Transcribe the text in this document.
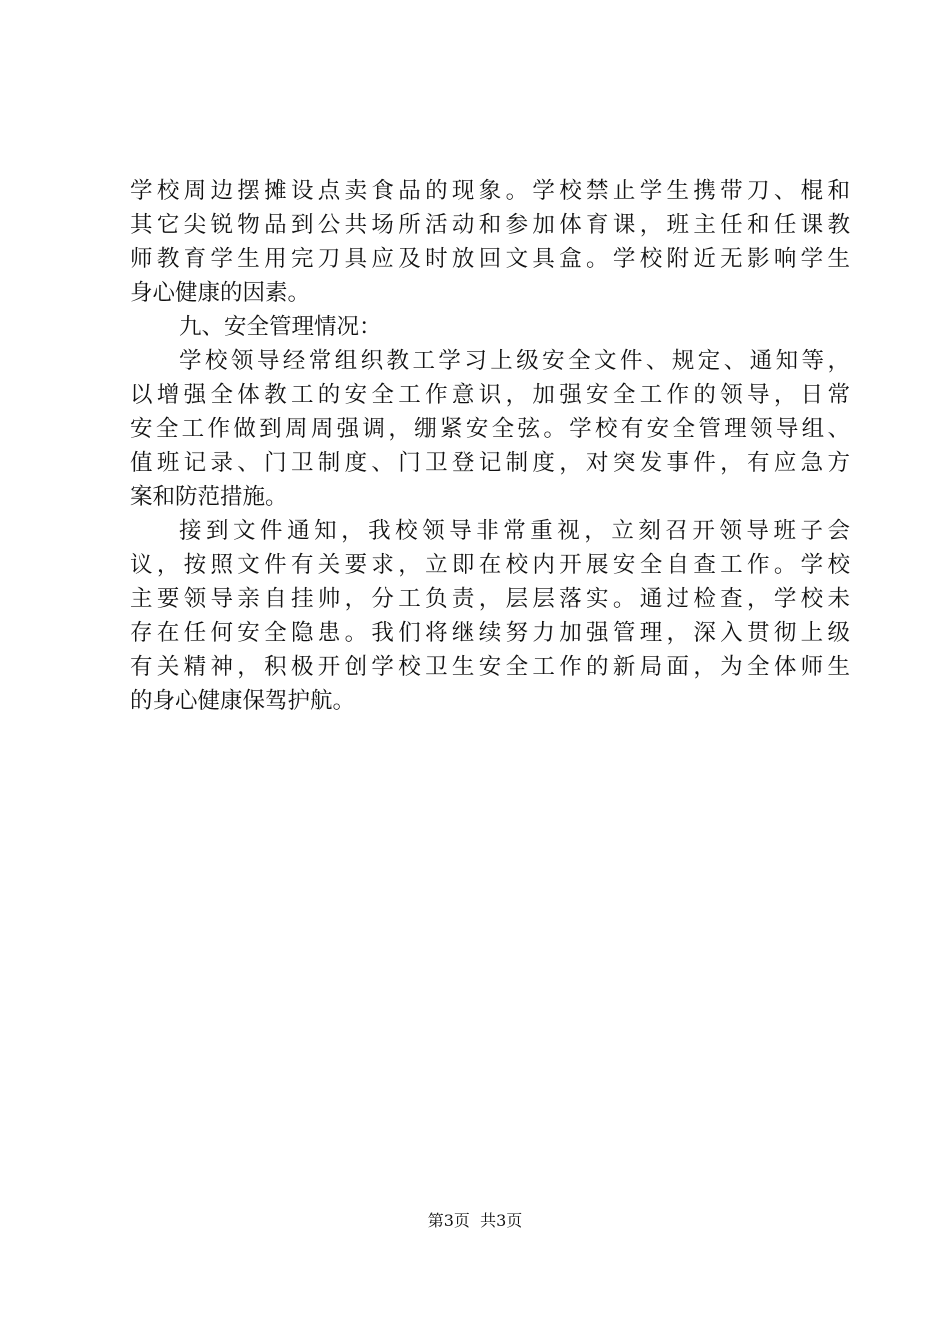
学校周边摆摊设点卖食品的现象。学校禁止学生携带刀、棍和
其它尖锐物品到公共场所活动和参加体育课，班主任和任课教
师教育学生用完刀具应及时放回文具盒。学校附近无影响学生
身心健康的因素。
九、安全管理情况：
学校领导经常组织教工学习上级安全文件、规定、通知等，
以增强全体教工的安全工作意识，加强安全工作的领导，日常
安全工作做到周周强调，绷紧安全弦。学校有安全管理领导组、
值班记录、门卫制度、门卫登记制度，对突发事件，有应急方
案和防范措施。
接到文件通知，我校领导非常重视，立刻召开领导班子会
议，按照文件有关要求，立即在校内开展安全自查工作。学校
主要领导亲自挂帅，分工负责，层层落实。通过检查，学校未
存在任何安全隐患。我们将继续努力加强管理，深入贯彻上级
有关精神，积极开创学校卫生安全工作的新局面，为全体师生
的身心健康保驾护航。
第3页  共3页
